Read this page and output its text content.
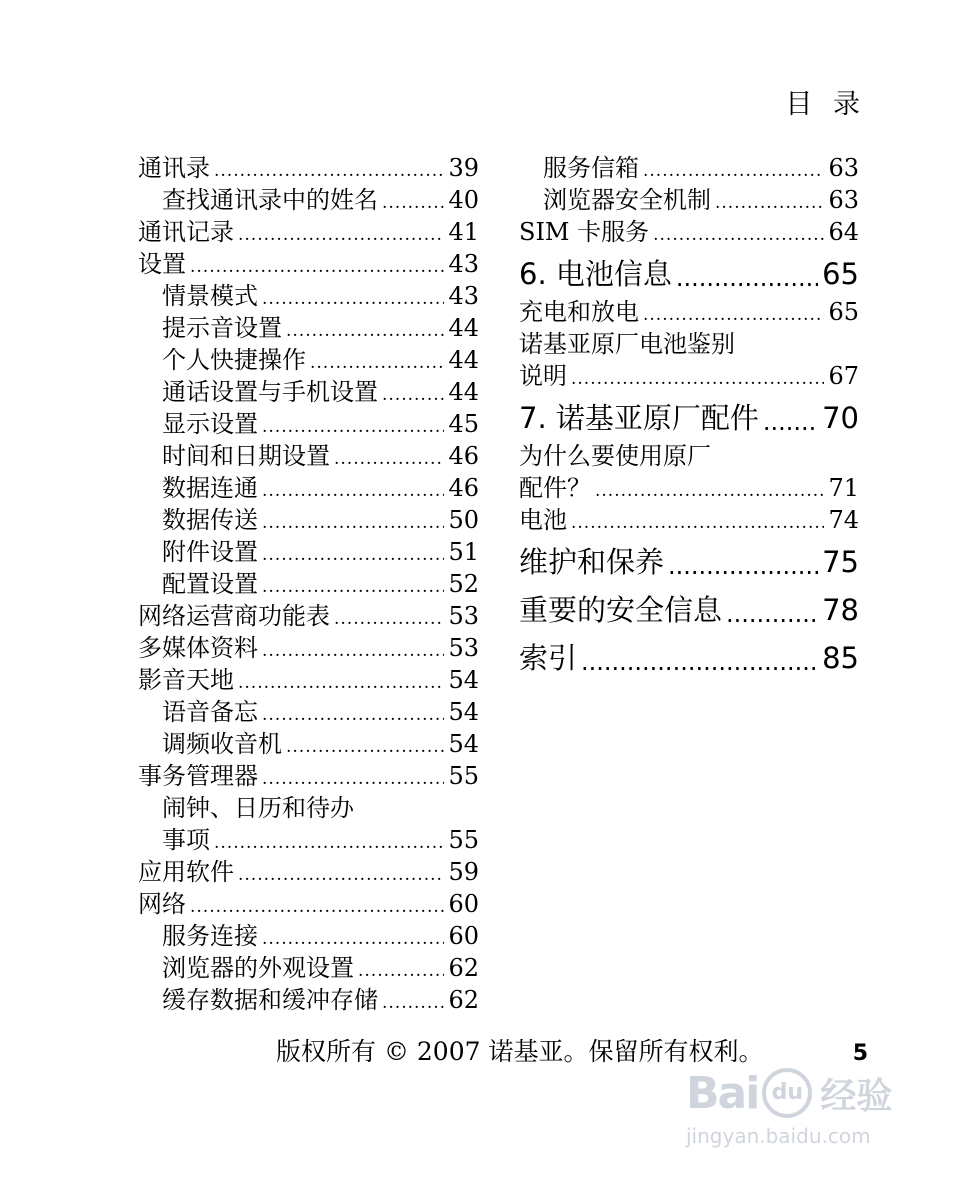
目 录
通讯录 .....	39
查找通讯录中的姓名 .....	40
通讯记录 .....	41
设置 .....	43
情景模式 .....	43
提示音设置 .....	44
个人快捷操作 .....	44
通话设置与手机设置 .....	44
显示设置 .....	45
时间和日期设置 .....	46
数据连通 .....	46
数据传送 .....	50
附件设置 .....	51
配置设置 .....	52
网络运营商功能表 .....	53
多媒体资料 .....	53
影音天地 .....	54
语音备忘 .....	54
调频收音机 .....	54
事务管理器 .....	55
闹钟、日历和待办
事项 .....	55
应用软件 .....	59
网络 .....	60
服务连接 .....	60
浏览器的外观设置 .....	62
缓存数据和缓冲存储 .....	62
服务信箱 .....	63
浏览器安全机制 .....	63
SIM 卡服务 .....	64
6. 电池信息 .....	65
充电和放电 .....	65
诺基亚原厂电池鉴别
说明 .....	67
7. 诺基亚原厂配件 ..... 70
为什么要使用原厂
配件？ .....	71
电池 .....	74
维护和保养 .....	75
重要的安全信息 .....	78
索引 .....	85
版权所有 © 2007 诺基亚。保留所有权利。	5
Bai du 经验
jingyan.baidu.com
